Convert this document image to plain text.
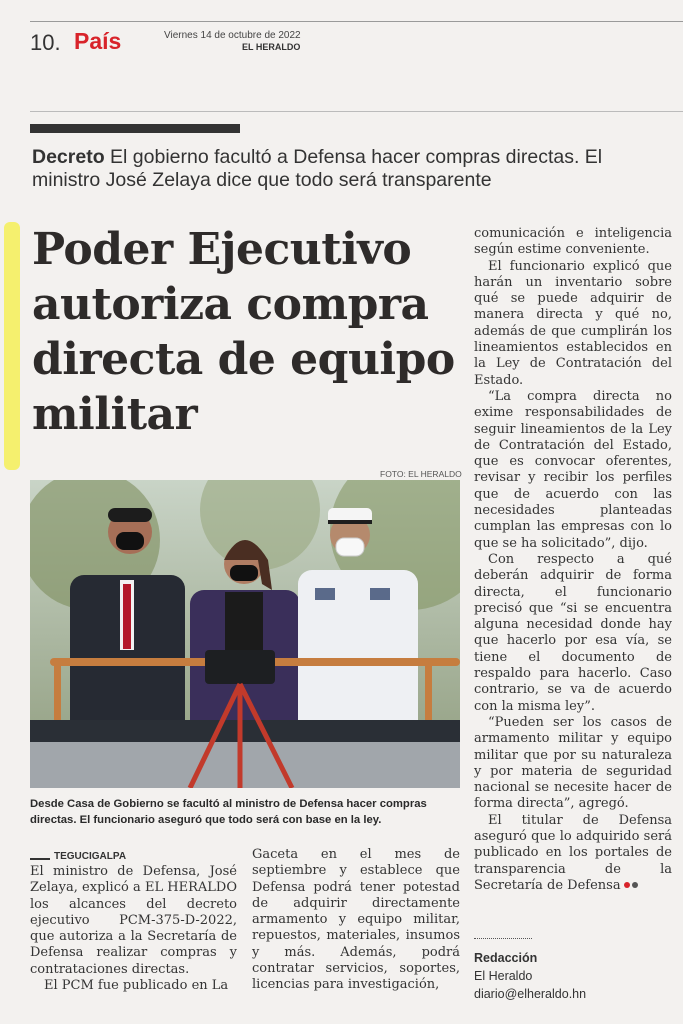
10. País	Viernes 14 de octubre de 2022
EL HERALDO
Decreto El gobierno facultó a Defensa hacer compras directas. El ministro José Zelaya dice que todo será transparente
Poder Ejecutivo autoriza compra directa de equipo militar
FOTO: EL HERALDO
Desde Casa de Gobierno se facultó al ministro de Defensa hacer compras directas. El funcionario aseguró que todo será con base en la ley.
TEGUCIGALPA

El ministro de Defensa, José Zelaya, explicó a EL HERALDO los alcances del decreto ejecutivo PCM-375-D-2022, que autoriza a la Secretaría de Defensa realizar compras y contrataciones directas.

El PCM fue publicado en La

Gaceta en el mes de septiembre y establece que Defensa podrá tener potestad de adquirir directamente armamento y equipo militar, repuestos, materiales, insumos y más. Además, podrá contratar servicios, soportes, licencias para investigación,

comunicación e inteligencia según estime conveniente.

El funcionario explicó que harán un inventario sobre qué se puede adquirir de manera directa y qué no, además de que cumplirán los lineamientos establecidos en la Ley de Contratación del Estado.

“La compra directa no exime responsabilidades de seguir lineamientos de la Ley de Contratación del Estado, que es convocar oferentes, revisar y recibir los perfiles que de acuerdo con las necesidades planteadas cumplan las empresas con lo que se ha solicitado”, dijo.

Con respecto a qué deberán adquirir de forma directa, el funcionario precisó que “si se encuentra alguna necesidad donde hay que hacerlo por esa vía, se tiene el documento de respaldo para hacerlo. Caso contrario, se va de acuerdo con la misma ley”.

“Pueden ser los casos de armamento militar y equipo militar que por su naturaleza y por materia de seguridad nacional se necesite hacer de forma directa”, agregó.

El titular de Defensa aseguró que lo adquirido será publicado en los portales de transparencia de la Secretaría de Defensa

Redacción
El Heraldo
diario@elheraldo.hn
